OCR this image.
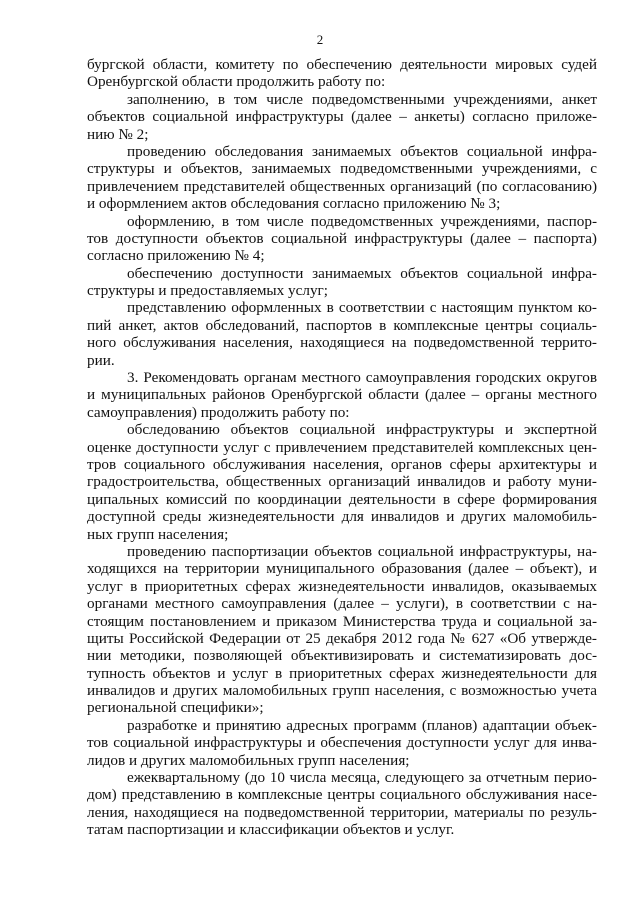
2
бургской области, комитету по обеспечению деятельности мировых судей
Оренбургской области продолжить работу по:
заполнению, в том числе подведомственными учреждениями, анкет
объектов социальной инфраструктуры (далее – анкеты) согласно приложе-
нию № 2;
проведению обследования занимаемых объектов социальной инфра-
структуры и объектов, занимаемых подведомственными учреждениями, с
привлечением представителей общественных организаций (по согласованию)
и оформлением актов обследования согласно приложению № 3;
оформлению, в том числе подведомственных учреждениями, паспор-
тов доступности объектов социальной инфраструктуры (далее – паспорта)
согласно приложению № 4;
обеспечению доступности занимаемых объектов социальной инфра-
структуры и предоставляемых услуг;
представлению оформленных в соответствии с настоящим пунктом ко-
пий анкет, актов обследований, паспортов в комплексные центры социаль-
ного обслуживания населения, находящиеся на подведомственной террито-
рии.
3. Рекомендовать органам местного самоуправления городских округов
и муниципальных районов Оренбургской области (далее – органы местного
самоуправления) продолжить работу по:
обследованию объектов социальной инфраструктуры и экспертной
оценке доступности услуг с привлечением представителей комплексных цен-
тров социального обслуживания населения, органов сферы архитектуры и
градостроительства, общественных организаций инвалидов и работу муни-
ципальных комиссий по координации деятельности в сфере формирования
доступной среды жизнедеятельности для инвалидов и других маломобиль-
ных групп населения;
проведению паспортизации объектов социальной инфраструктуры, на-
ходящихся на территории муниципального образования (далее – объект), и
услуг в приоритетных сферах жизнедеятельности инвалидов, оказываемых
органами местного самоуправления (далее – услуги), в соответствии с на-
стоящим постановлением и приказом Министерства труда и социальной за-
щиты Российской Федерации от 25 декабря 2012 года № 627 «Об утвержде-
нии методики, позволяющей объективизировать и систематизировать дос-
тупность объектов и услуг в приоритетных сферах жизнедеятельности для
инвалидов и других маломобильных групп населения, с возможностью учета
региональной специфики»;
разработке и принятию адресных программ (планов) адаптации объек-
тов социальной инфраструктуры и обеспечения доступности услуг для инва-
лидов и других маломобильных групп населения;
ежеквартальному (до 10 числа месяца, следующего за отчетным перио-
дом) представлению в комплексные центры социального обслуживания насе-
ления, находящиеся на подведомственной территории, материалы по резуль-
татам паспортизации и классификации объектов и услуг.
